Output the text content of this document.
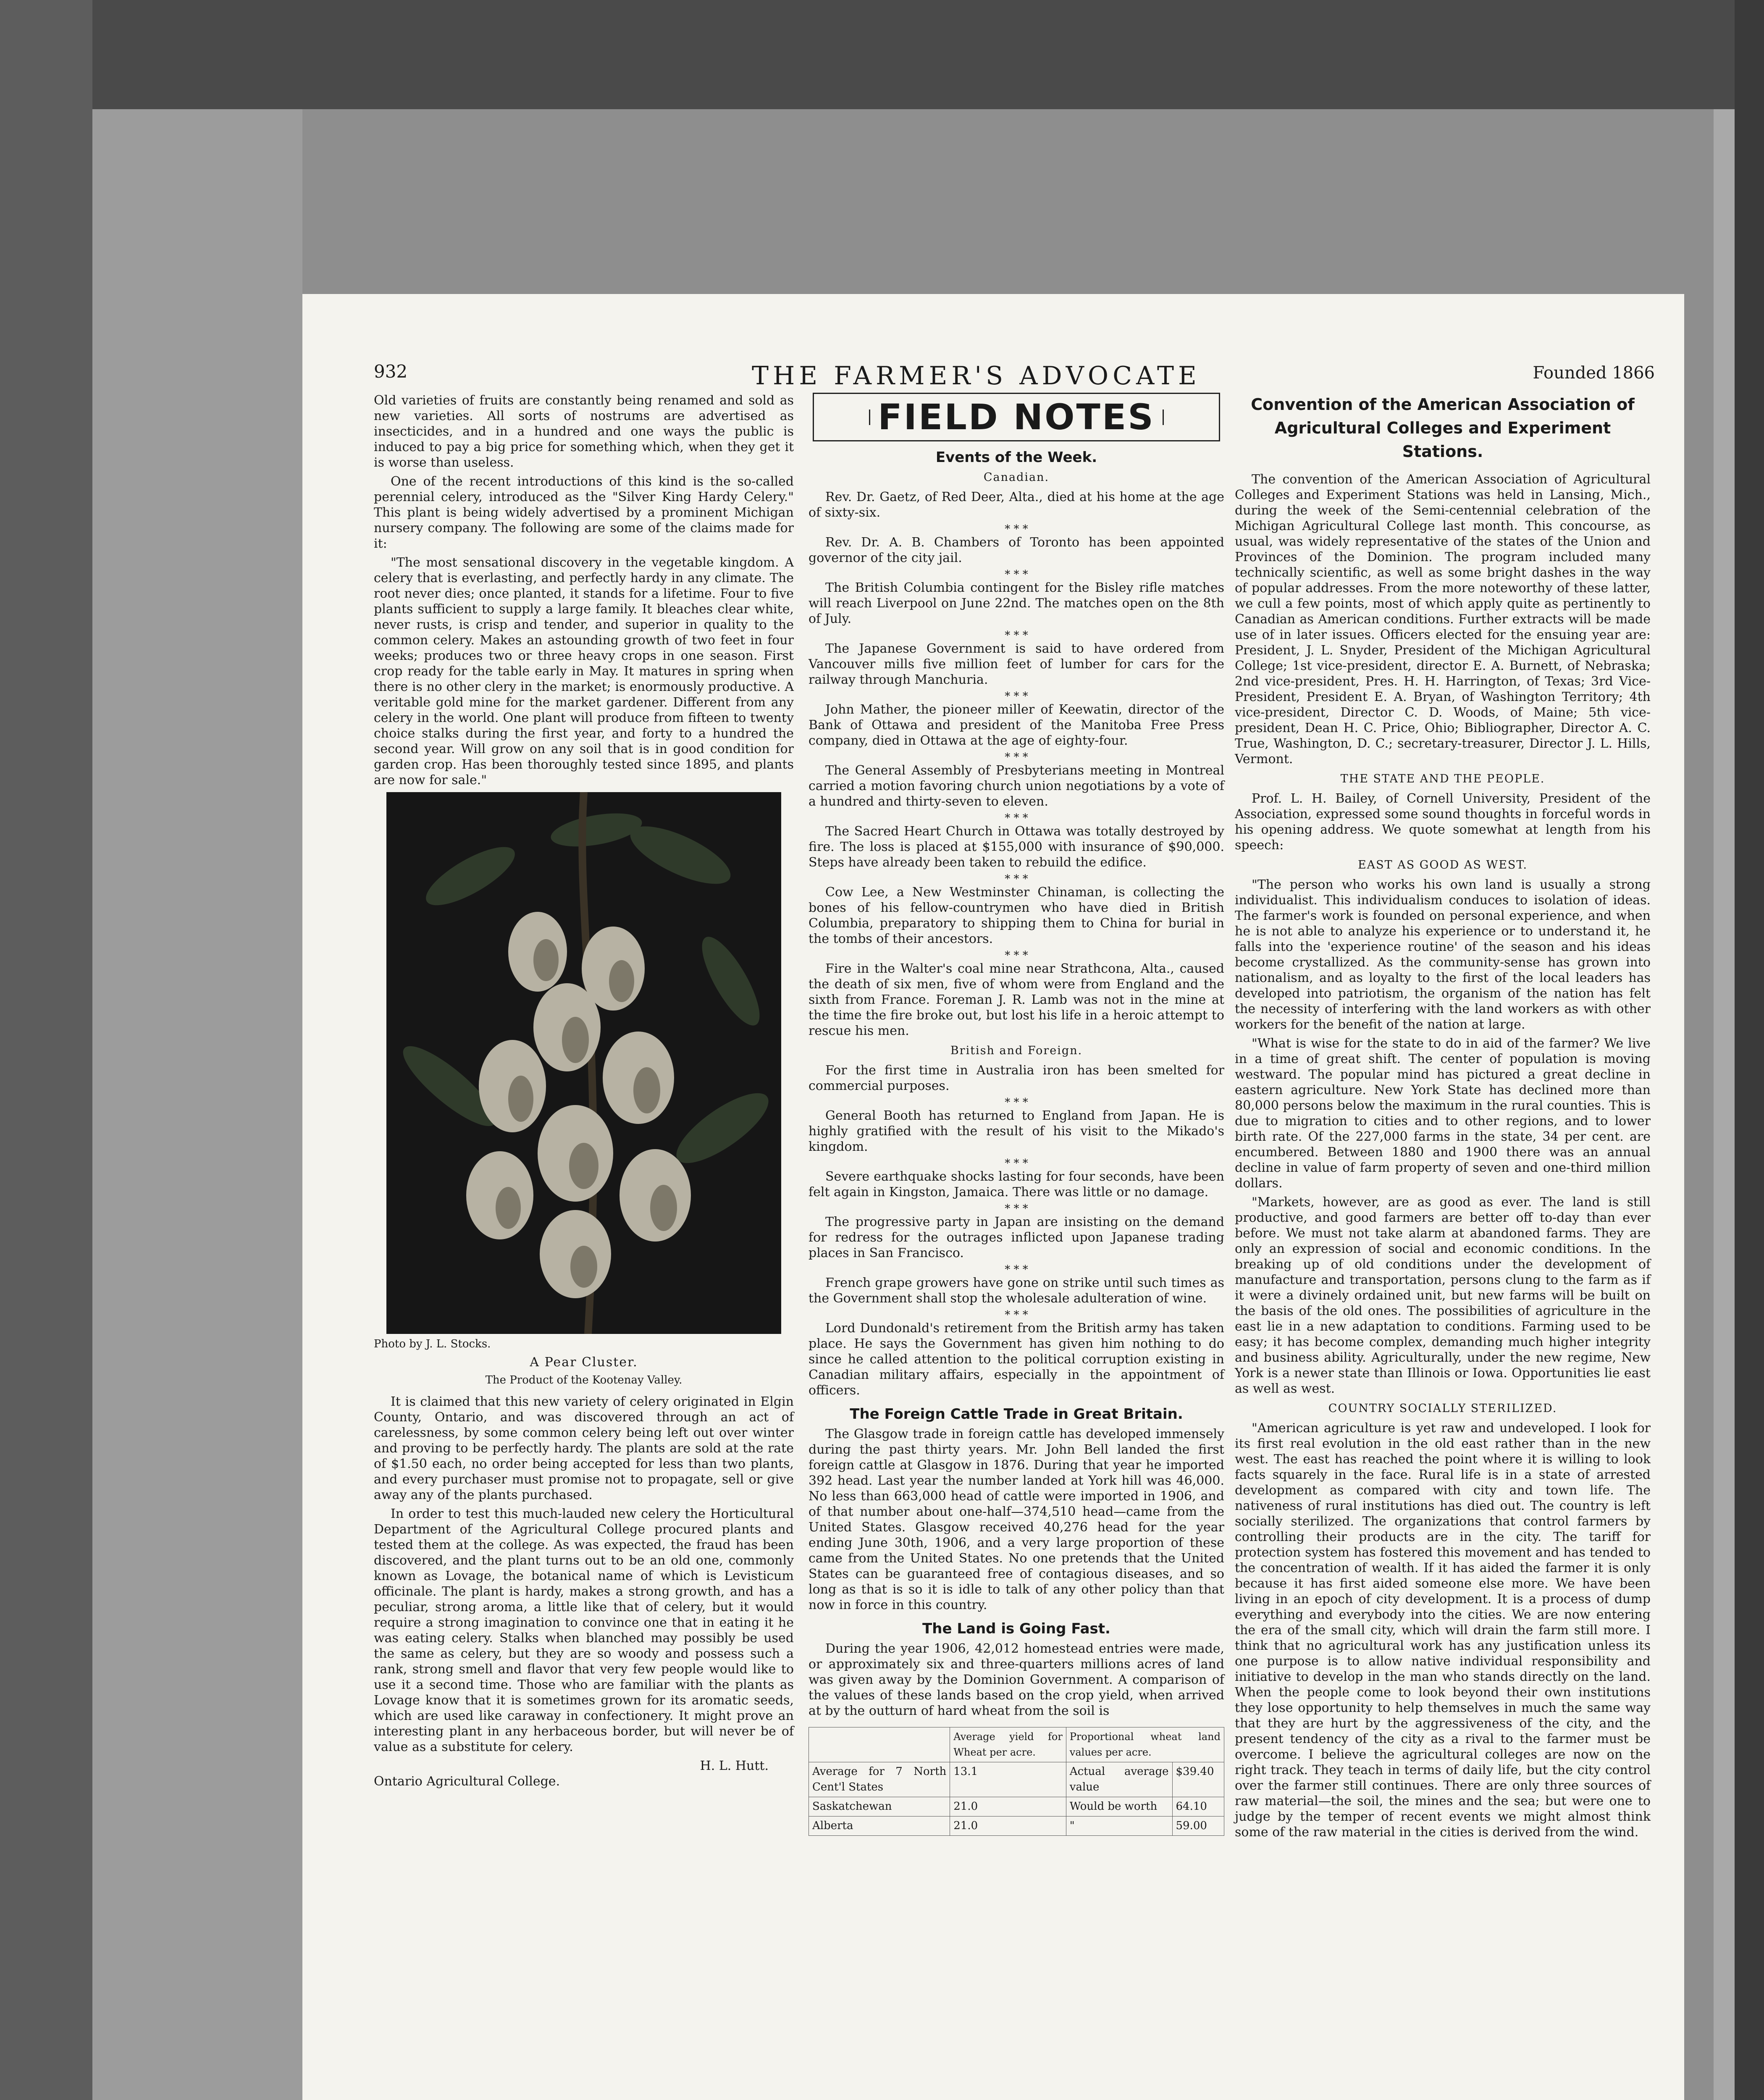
932	THE FARMER'S ADVOCATE	Founded 1866

Old varieties of fruits are constantly being renamed and sold as new varieties. All sorts of nostrums are advertised as insecticides, and in a hundred and one ways the public is induced to pay a big price for something which, when they get it is worse than useless.

One of the recent introductions of this kind is the so-called perennial celery, introduced as the "Silver King Hardy Celery." This plant is being widely advertised by a prominent Michigan nursery company. The following are some of the claims made for it:

"The most sensational discovery in the vegetable kingdom. A celery that is everlasting, and perfectly hardy in any climate. The root never dies; once planted, it stands for a lifetime. Four to five plants sufficient to supply a large family. It bleaches clear white, never rusts, is crisp and tender, and superior in quality to the common celery. Makes an astounding growth of two feet in four weeks; produces two or three heavy crops in one season. First crop ready for the table early in May. It matures in spring when there is no other clery in the market; is enormously productive. A veritable gold mine for the market gardener. Different from any celery in the world. One plant will produce from fifteen to twenty choice stalks during the first year, and forty to a hundred the second year. Will grow on any soil that is in good condition for garden crop. Has been thoroughly tested since 1895, and plants are now for sale."

Photo by J. L. Stocks.
A Pear Cluster.
The Product of the Kootenay Valley.

It is claimed that this new variety of celery originated in Elgin County, Ontario, and was discovered through an act of carelessness, by some common celery being left out over winter and proving to be perfectly hardy. The plants are sold at the rate of $1.50 each, no order being accepted for less than two plants, and every purchaser must promise not to propagate, sell or give away any of the plants purchased.

In order to test this much-lauded new celery the Horticultural Department of the Agricultural College procured plants and tested them at the college. As was expected, the fraud has been discovered, and the plant turns out to be an old one, commonly known as Lovage, the botanical name of which is Levisticum officinale. The plant is hardy, makes a strong growth, and has a peculiar, strong aroma, a little like that of celery, but it would require a strong imagination to convince one that in eating it he was eating celery. Stalks when blanched may possibly be used the same as celery, but they are so woody and possess such a rank, strong smell and flavor that very few people would like to use it a second time. Those who are familiar with the plants as Lovage know that it is sometimes grown for its aromatic seeds, which are used like caraway in confectionery. It might prove an interesting plant in any herbaceous border, but will never be of value as a substitute for celery.

H. L. Hutt.
Ontario Agricultural College.
FIELD NOTES
Events of the Week.
Canadian.

Rev. Dr. Gaetz, of Red Deer, Alta., died at his home at the age of sixty-six.

* * *

Rev. Dr. A. B. Chambers of Toronto has been appointed governor of the city jail.

* * *

The British Columbia contingent for the Bisley rifle matches will reach Liverpool on June 22nd. The matches open on the 8th of July.

* * *

The Japanese Government is said to have ordered from Vancouver mills five million feet of lumber for cars for the railway through Manchuria.

* * *

John Mather, the pioneer miller of Keewatin, director of the Bank of Ottawa and president of the Manitoba Free Press company, died in Ottawa at the age of eighty-four.

* * *

The General Assembly of Presbyterians meeting in Montreal carried a motion favoring church union negotiations by a vote of a hundred and thirty-seven to eleven.

* * *

The Sacred Heart Church in Ottawa was totally destroyed by fire. The loss is placed at $155,000 with insurance of $90,000. Steps have already been taken to rebuild the edifice.

* * *

Cow Lee, a New Westminster Chinaman, is collecting the bones of his fellow-countrymen who have died in British Columbia, preparatory to shipping them to China for burial in the tombs of their ancestors.

* * *

Fire in the Walter's coal mine near Strathcona, Alta., caused the death of six men, five of whom were from England and the sixth from France. Foreman J. R. Lamb was not in the mine at the time the fire broke out, but lost his life in a heroic attempt to rescue his men.

British and Foreign.

For the first time in Australia iron has been smelted for commercial purposes.

* * *

General Booth has returned to England from Japan. He is highly gratified with the result of his visit to the Mikado's kingdom.

* * *

Severe earthquake shocks lasting for four seconds, have been felt again in Kingston, Jamaica. There was little or no damage.

* * *

The progressive party in Japan are insisting on the demand for redress for the outrages inflicted upon Japanese trading places in San Francisco.

* * *

French grape growers have gone on strike until such times as the Government shall stop the wholesale adulteration of wine.

* * *

Lord Dundonald's retirement from the British army has taken place. He says the Government has given him nothing to do since he called attention to the political corruption existing in Canadian military affairs, especially in the appointment of officers.

The Foreign Cattle Trade in Great Britain.

The Glasgow trade in foreign cattle has developed immensely during the past thirty years. Mr. John Bell landed the first foreign cattle at Glasgow in 1876. During that year he imported 392 head. Last year the number landed at York hill was 46,000. No less than 663,000 head of cattle were imported in 1906, and of that number about one-half—374,510 head—came from the United States. Glasgow received 40,276 head for the year ending June 30th, 1906, and a very large proportion of these came from the United States. No one pretends that the United States can be guaranteed free of contagious diseases, and so long as that is so it is idle to talk of any other policy than that now in force in this country.

The Land is Going Fast.

During the year 1906, 42,012 homestead entries were made, or approximately six and three-quarters millions acres of land was given away by the Dominion Government. A comparison of the values of these lands based on the crop yield, when arrived at by the outturn of hard wheat from the soil is

	Average yield for Wheat per acre.	Proportional wheat land values per acre.	
Average for 7 North Cent'l States	13.1	Actual average value	$39.40
Saskatchewan	21.0	Would be worth	64.10
Alberta	21.0	"	59.00
Convention of the American Association of Agricultural Colleges and Experiment Stations.

The convention of the American Association of Agricultural Colleges and Experiment Stations was held in Lansing, Mich., during the week of the Semi-centennial celebration of the Michigan Agricultural College last month. This concourse, as usual, was widely representative of the states of the Union and Provinces of the Dominion. The program included many technically scientific, as well as some bright dashes in the way of popular addresses. From the more noteworthy of these latter, we cull a few points, most of which apply quite as pertinently to Canadian as American conditions. Further extracts will be made use of in later issues. Officers elected for the ensuing year are: President, J. L. Snyder, President of the Michigan Agricultural College; 1st vice-president, director E. A. Burnett, of Nebraska; 2nd vice-president, Pres. H. H. Harrington, of Texas; 3rd Vice-President, President E. A. Bryan, of Washington Territory; 4th vice-president, Director C. D. Woods, of Maine; 5th vice-president, Dean H. C. Price, Ohio; Bibliographer, Director A. C. True, Washington, D. C.; secretary-treasurer, Director J. L. Hills, Vermont.

THE STATE AND THE PEOPLE.

Prof. L. H. Bailey, of Cornell University, President of the Association, expressed some sound thoughts in forceful words in his opening address. We quote somewhat at length from his speech:

EAST AS GOOD AS WEST.

"The person who works his own land is usually a strong individualist. This individualism conduces to isolation of ideas. The farmer's work is founded on personal experience, and when he is not able to analyze his experience or to understand it, he falls into the 'experience routine' of the season and his ideas become crystallized. As the community-sense has grown into nationalism, and as loyalty to the first of the local leaders has developed into patriotism, the organism of the nation has felt the necessity of interfering with the land workers as with other workers for the benefit of the nation at large.

"What is wise for the state to do in aid of the farmer? We live in a time of great shift. The center of population is moving westward. The popular mind has pictured a great decline in eastern agriculture. New York State has declined more than 80,000 persons below the maximum in the rural counties. This is due to migration to cities and to other regions, and to lower birth rate. Of the 227,000 farms in the state, 34 per cent. are encumbered. Between 1880 and 1900 there was an annual decline in value of farm property of seven and one-third million dollars.

"Markets, however, are as good as ever. The land is still productive, and good farmers are better off to-day than ever before. We must not take alarm at abandoned farms. They are only an expression of social and economic conditions. In the breaking up of old conditions under the development of manufacture and transportation, persons clung to the farm as if it were a divinely ordained unit, but new farms will be built on the basis of the old ones. The possibilities of agriculture in the east lie in a new adaptation to conditions. Farming used to be easy; it has become complex, demanding much higher integrity and business ability. Agriculturally, under the new regime, New York is a newer state than Illinois or Iowa. Opportunities lie east as well as west.

COUNTRY SOCIALLY STERILIZED.

"American agriculture is yet raw and undeveloped. I look for its first real evolution in the old east rather than in the new west. The east has reached the point where it is willing to look facts squarely in the face. Rural life is in a state of arrested development as compared with city and town life. The nativeness of rural institutions has died out. The country is left socially sterilized. The organizations that control farmers by controlling their products are in the city. The tariff for protection system has fostered this movement and has tended to the concentration of wealth. If it has aided the farmer it is only because it has first aided someone else more. We have been living in an epoch of city development. It is a process of dump everything and everybody into the cities. We are now entering the era of the small city, which will drain the farm still more. I think that no agricultural work has any justification unless its one purpose is to allow native individual responsibility and initiative to develop in the man who stands directly on the land. When the people come to look beyond their own institutions they lose opportunity to help themselves in much the same way that they are hurt by the aggressiveness of the city, and the present tendency of the city as a rival to the farmer must be overcome. I believe the agricultural colleges are now on the right track. They teach in terms of daily life, but the city control over the farmer still continues. There are only three sources of raw material—the soil, the mines and the sea; but were one to judge by the temper of recent events we might almost think some of the raw material in the cities is derived from the wind.
